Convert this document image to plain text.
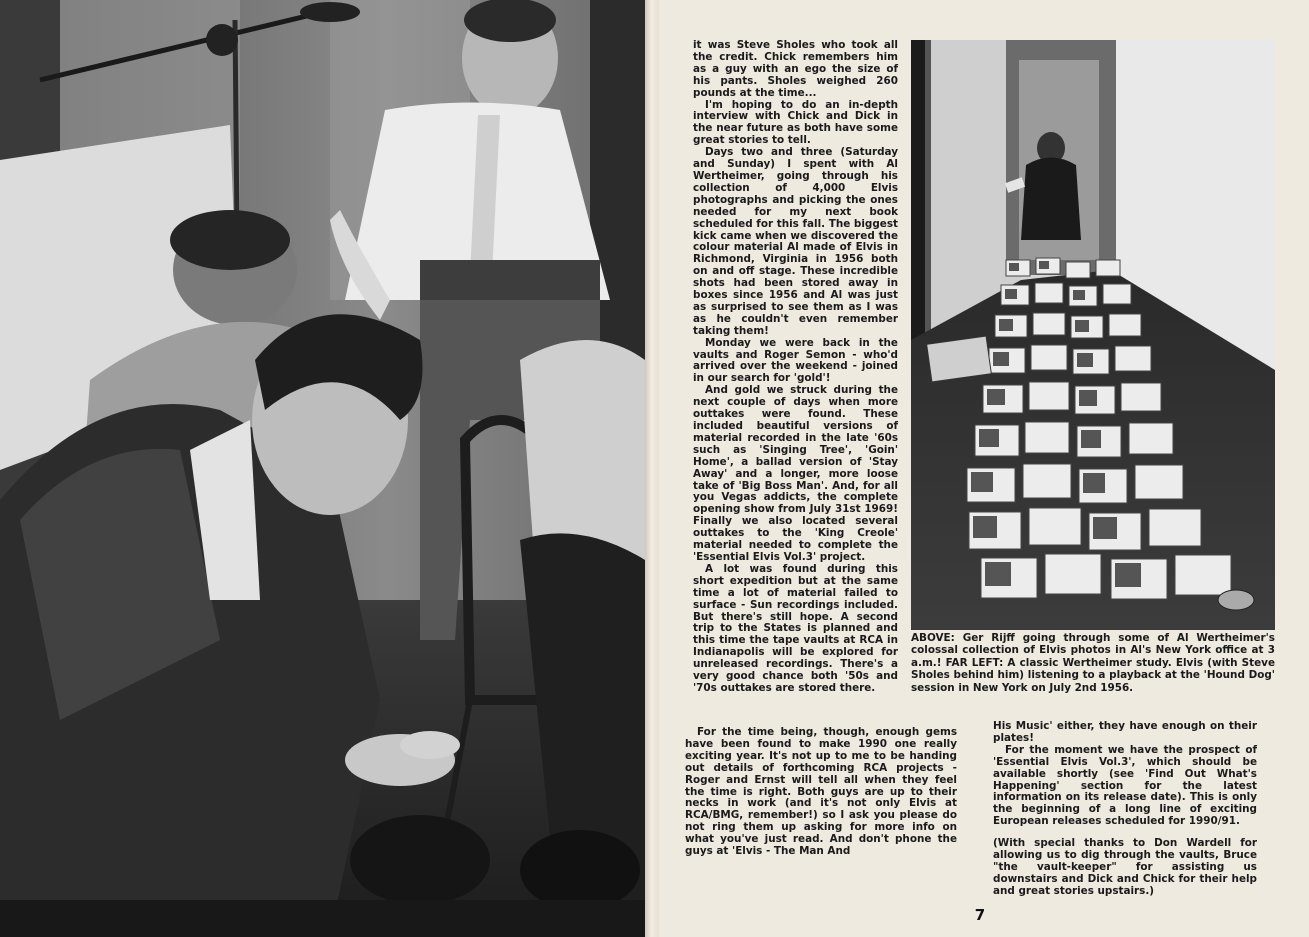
it was Steve Sholes who took all the credit. Chick remembers him as a guy with an ego the size of his pants. Sholes weighed 260 pounds at the time...

I'm hoping to do an in-depth interview with Chick and Dick in the near future as both have some great stories to tell.

Days two and three (Saturday and Sunday) I spent with Al Wertheimer, going through his collection of 4,000 Elvis photographs and picking the ones needed for my next book scheduled for this fall. The biggest kick came when we discovered the colour material Al made of Elvis in Richmond, Virginia in 1956 both on and off stage. These incredible shots had been stored away in boxes since 1956 and Al was just as surprised to see them as I was as he couldn't even remember taking them!

Monday we were back in the vaults and Roger Semon - who'd arrived over the weekend - joined in our search for 'gold'!

And gold we struck during the next couple of days when more outtakes were found. These included beautiful versions of material recorded in the late '60s such as 'Singing Tree', 'Goin' Home', a ballad version of 'Stay Away' and a longer, more loose take of 'Big Boss Man'. And, for all you Vegas addicts, the complete opening show from July 31st 1969! Finally we also located several outtakes to the 'King Creole' material needed to complete the 'Essential Elvis Vol.3' project.

A lot was found during this short expedition but at the same time a lot of material failed to surface - Sun recordings included. But there's still hope. A second trip to the States is planned and this time the tape vaults at RCA in Indianapolis will be explored for unreleased recordings. There's a very good chance both '50s and '70s outtakes are stored there.

ABOVE: Ger Rijff going through some of Al Wertheimer's colossal collection of Elvis photos in Al's New York office at 3 a.m.! FAR LEFT: A classic Wertheimer study. Elvis (with Steve Sholes behind him) listening to a playback at the 'Hound Dog' session in New York on July 2nd 1956.

For the time being, though, enough gems have been found to make 1990 one really exciting year. It's not up to me to be handing out details of forthcoming RCA projects - Roger and Ernst will tell all when they feel the time is right. Both guys are up to their necks in work (and it's not only Elvis at RCA/BMG, remember!) so I ask you please do not ring them up asking for more info on what you've just read. And don't phone the guys at 'Elvis - The Man And

His Music' either, they have enough on their plates!

For the moment we have the prospect of 'Essential Elvis Vol.3', which should be available shortly (see 'Find Out What's Happening' section for the latest information on its release date). This is only the beginning of a long line of exciting European releases scheduled for 1990/91.

(With special thanks to Don Wardell for allowing us to dig through the vaults, Bruce "the vault-keeper" for assisting us downstairs and Dick and Chick for their help and great stories upstairs.)

7
